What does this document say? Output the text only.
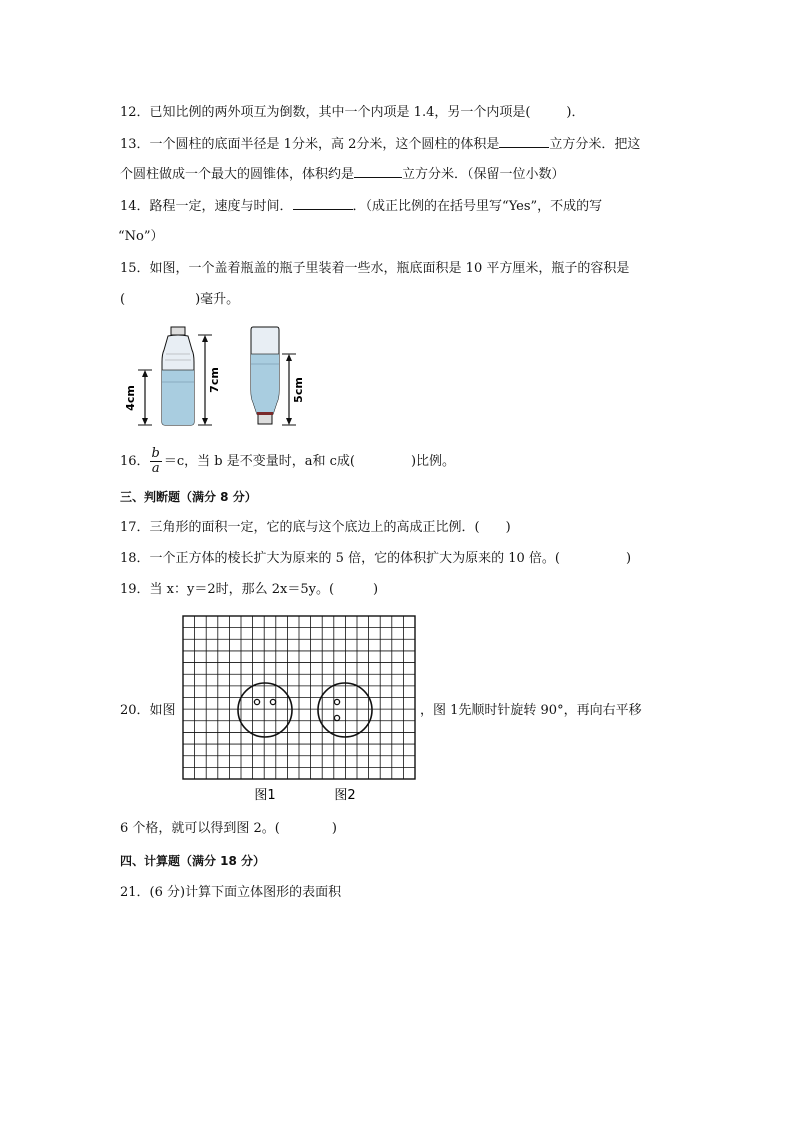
12．已知比例的两外项互为倒数，其中一个内项是 1.4，另一个内项是(	)．
13．一个圆柱的底面半径是 1分米，高 2分米，这个圆柱的体积是	立方分米．把这
个圆柱做成一个最大的圆锥体，体积约是	立方分米．（保留一位小数）
14．路程一定，速度与时间．	．（成正比例的在括号里写“Yes”，不成的写
“No”）
15．如图，一个盖着瓶盖的瓶子里装着一些水，瓶底面积是 10 平方厘米，瓶子的容积是
(	)毫升。
4cm
7cm	5cm
16． $\frac{b}{a} =c$，当 b 是不变量时，a和 c成(	)比例。
三、判断题（满分 8 分）
17．三角形的面积一定，它的底与这个底边上的高成正比例．(　　)
18．一个正方体的棱长扩大为原来的 5 倍，它的体积扩大为原来的 10 倍。(	)
19．当 x：y＝2时，那么 2x＝5y。(　　　)
20．如图	，图 1先顺时针旋转 90°，再向右平移
图1	图2
6 个格，就可以得到图 2。(	)
四、计算题（满分 18 分）
21．(6 分)计算下面立体图形的表面积
